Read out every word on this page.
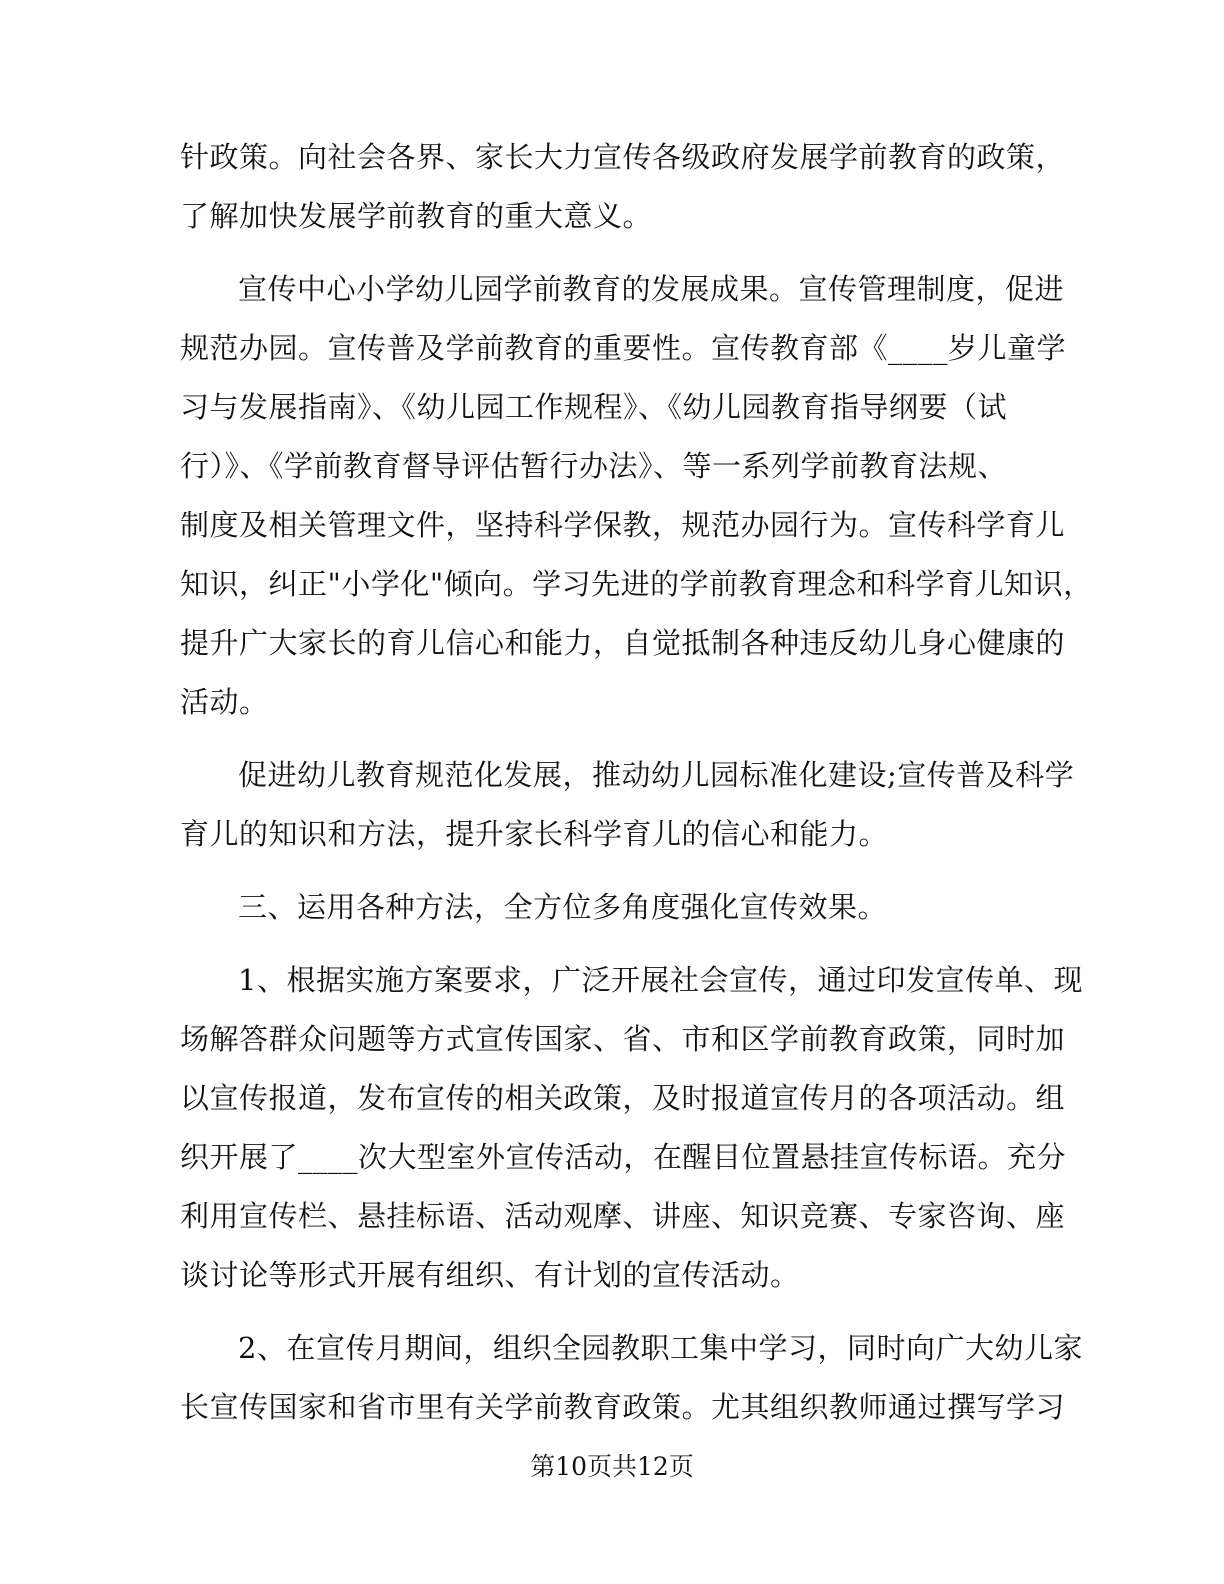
针政策。向社会各界、家长大力宣传各级政府发展学前教育的政策，
了解加快发展学前教育的重大意义。
宣传中心小学幼儿园学前教育的发展成果。宣传管理制度，促进
规范办园。宣传普及学前教育的重要性。宣传教育部《____岁儿童学
习与发展指南》、《幼儿园工作规程》、《幼儿园教育指导纲要（试
行）》、《学前教育督导评估暂行办法》、等一系列学前教育法规、
制度及相关管理文件，坚持科学保教，规范办园行为。宣传科学育儿
知识，纠正"小学化"倾向。学习先进的学前教育理念和科学育儿知识，
提升广大家长的育儿信心和能力，自觉抵制各种违反幼儿身心健康的
活动。
促进幼儿教育规范化发展，推动幼儿园标准化建设;宣传普及科学
育儿的知识和方法，提升家长科学育儿的信心和能力。
三、运用各种方法，全方位多角度强化宣传效果。
1、根据实施方案要求，广泛开展社会宣传，通过印发宣传单、现
场解答群众问题等方式宣传国家、省、市和区学前教育政策，同时加
以宣传报道，发布宣传的相关政策，及时报道宣传月的各项活动。组
织开展了____次大型室外宣传活动，在醒目位置悬挂宣传标语。充分
利用宣传栏、悬挂标语、活动观摩、讲座、知识竞赛、专家咨询、座
谈讨论等形式开展有组织、有计划的宣传活动。
2、在宣传月期间，组织全园教职工集中学习，同时向广大幼儿家
长宣传国家和省市里有关学前教育政策。尤其组织教师通过撰写学习
第10页共12页
